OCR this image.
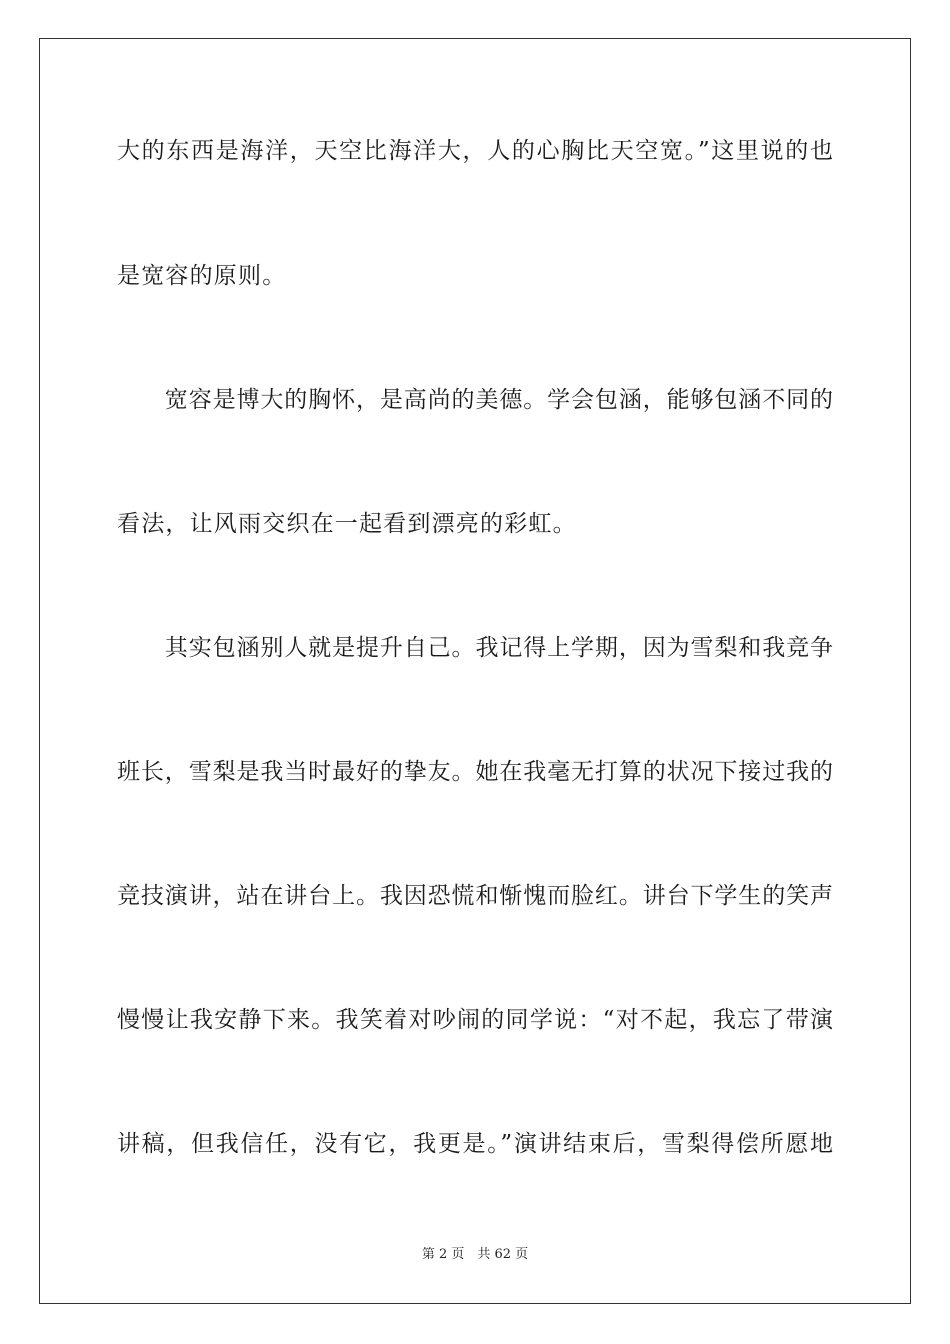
大的东西是海洋，天空比海洋大，人的心胸比天空宽。”这里说的也
是宽容的原则。
　　宽容是博大的胸怀，是高尚的美德。学会包涵，能够包涵不同的
看法，让风雨交织在一起看到漂亮的彩虹。
　　其实包涵别人就是提升自己。我记得上学期，因为雪梨和我竞争
班长，雪梨是我当时最好的挚友。她在我毫无打算的状况下接过我的
竞技演讲，站在讲台上。我因恐慌和惭愧而脸红。讲台下学生的笑声
慢慢让我安静下来。我笑着对吵闹的同学说：“对不起，我忘了带演
讲稿，但我信任，没有它，我更是。”演讲结束后，雪梨得偿所愿地
第 2 页　共 62 页
